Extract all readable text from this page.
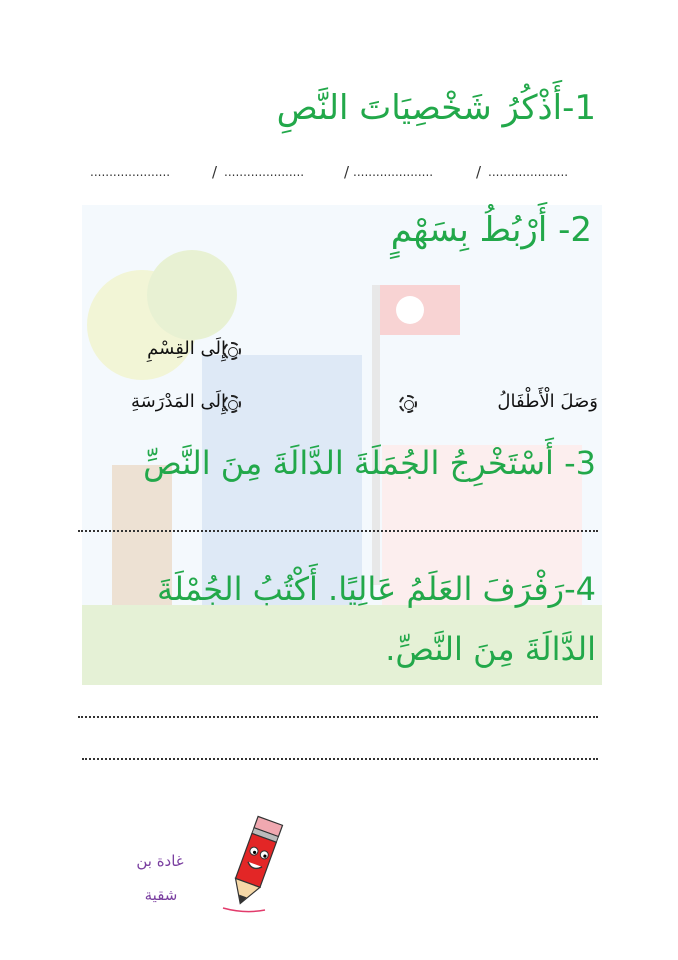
1-أَذْكُرُ شَخْصِيَاتَ النَّصِ
.....................	/ .....................	/ .....................	/ .....................
2- أَرْبُطُ بِسَهْمٍ
إِلَى القِسْمِ
إِلَى المَدْرَسَةِ	وَصَلَ الْأَطْفَالُ
3- أَسْتَخْرِجُ الجُمَلَةَ الدَّالَةَ مِنَ النَّصِّ
4-رَفْرَفَ العَلَمُ عَالِيًا. أَكْتُبُ الجُمْلَةَ
الدَّالَةَ مِنَ النَّصِّ.
غادة بن
شقية
